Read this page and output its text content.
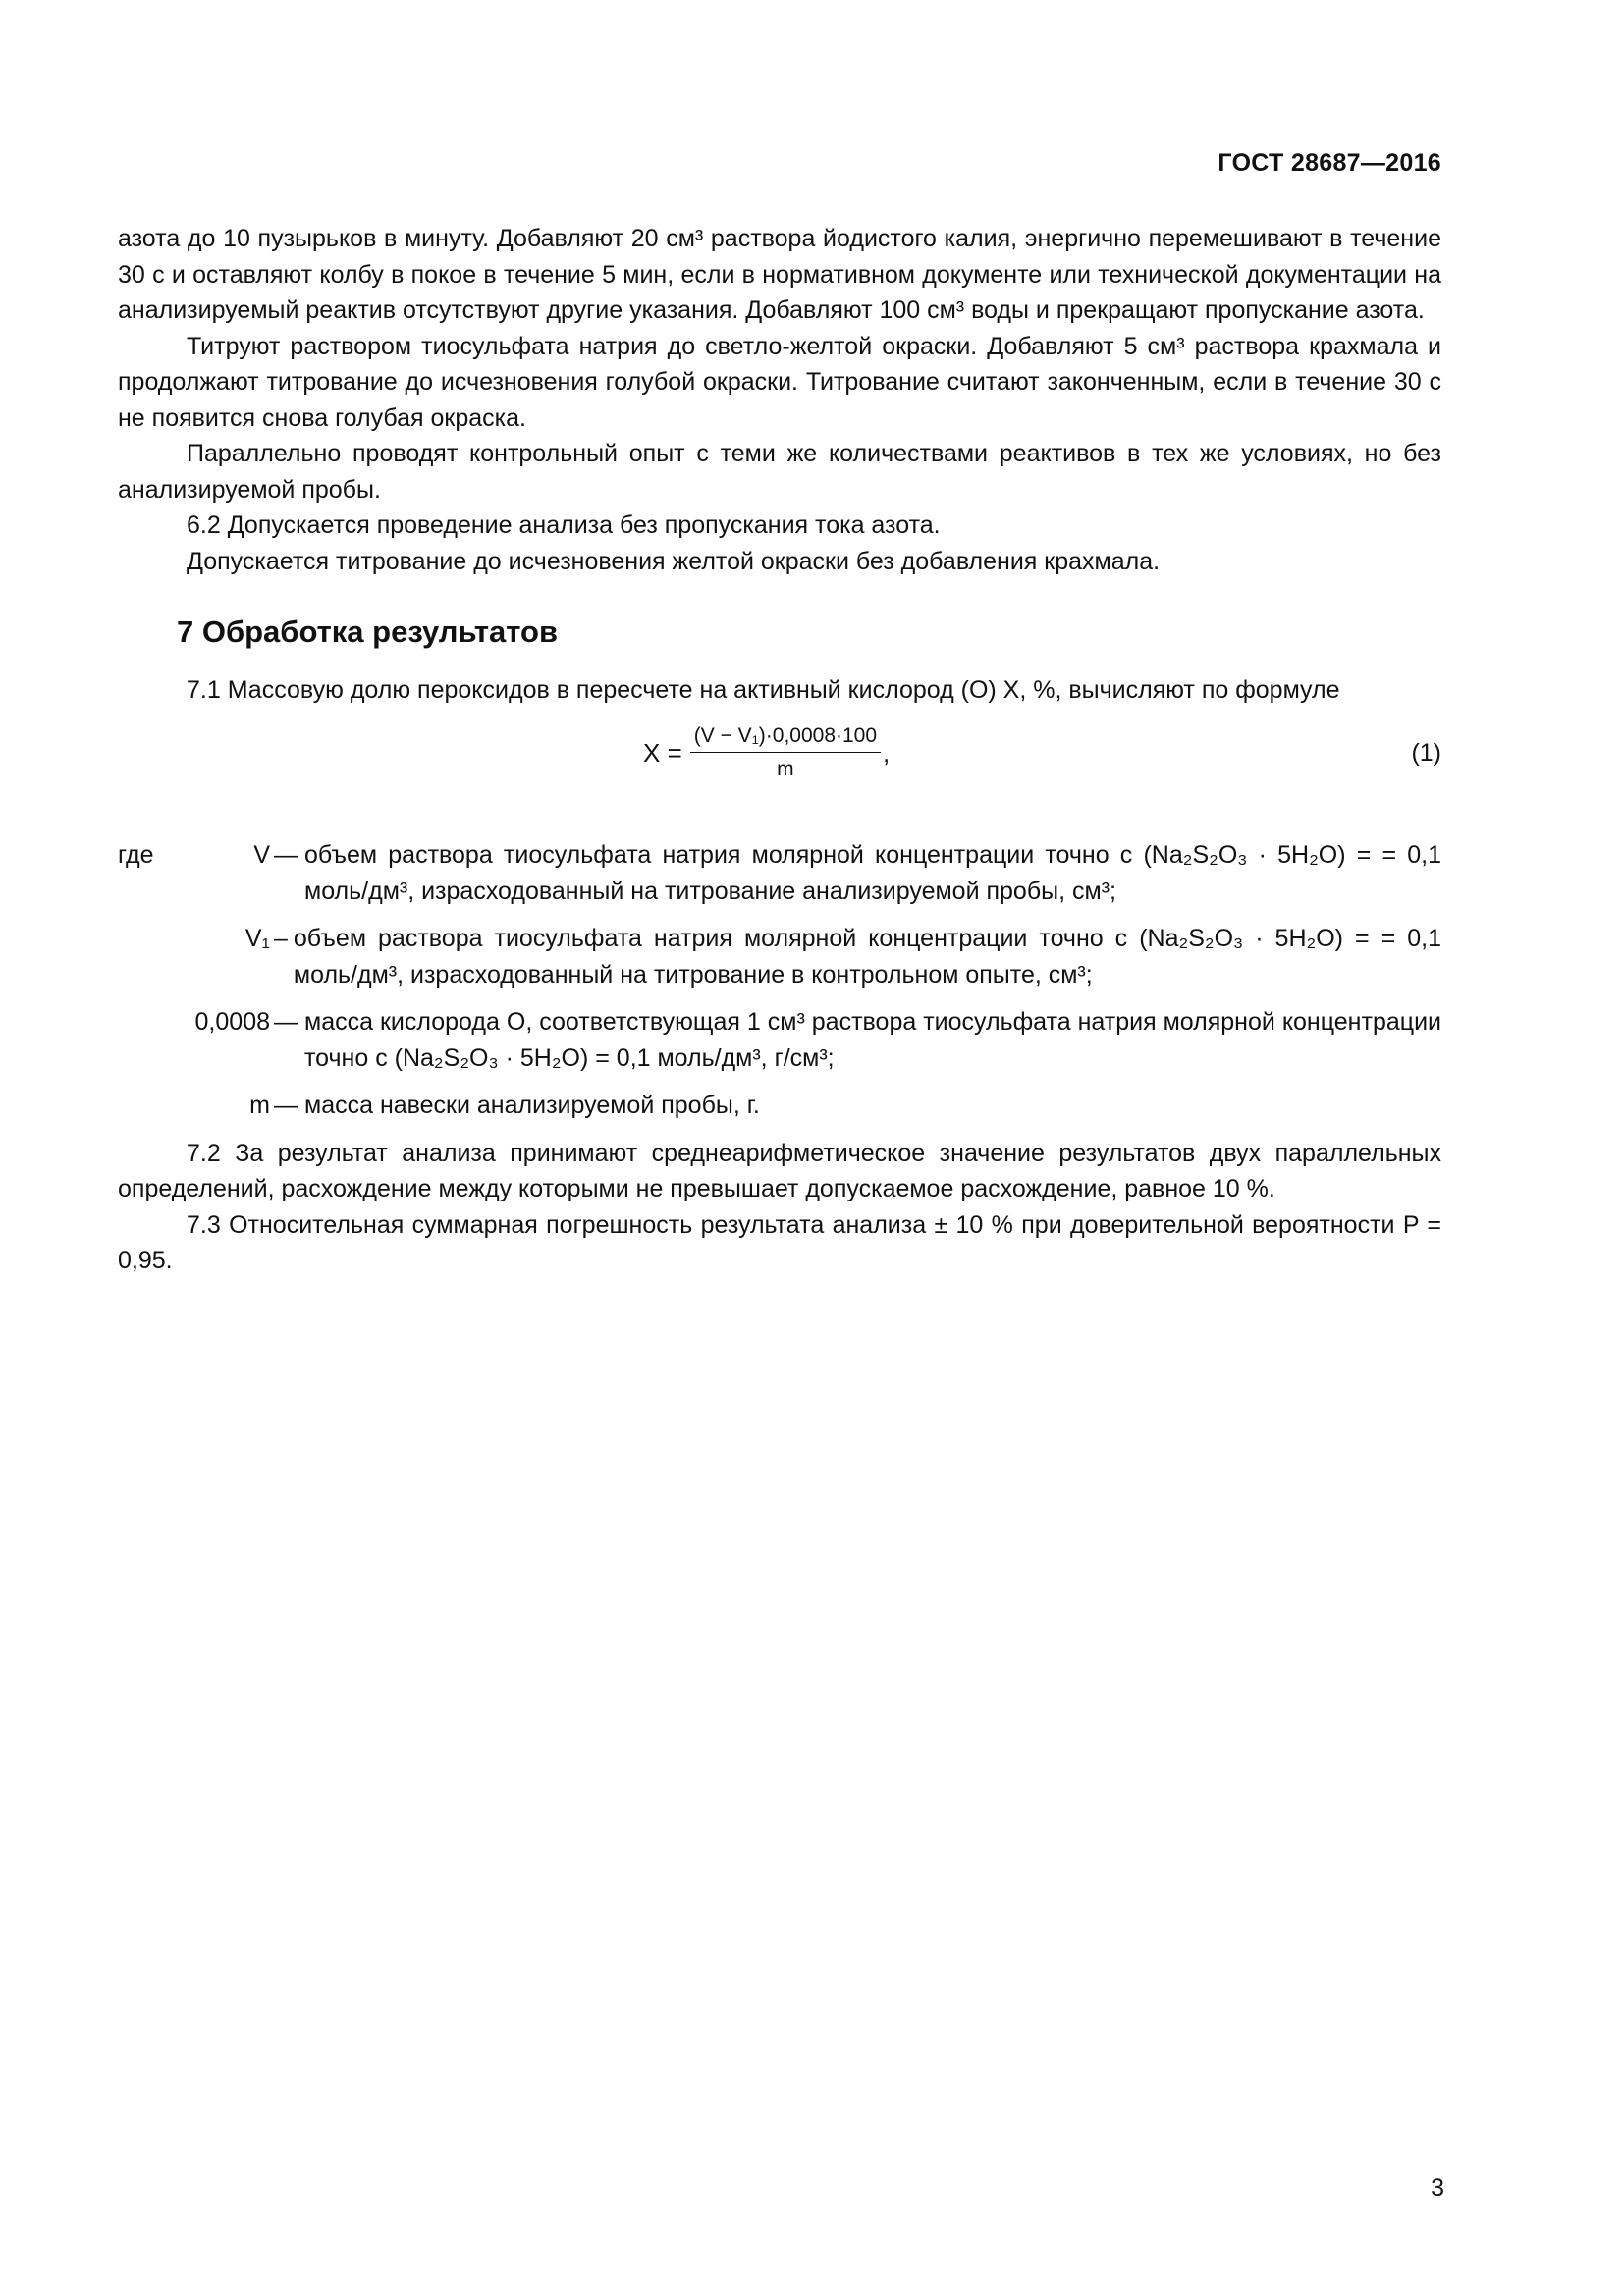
ГОСТ 28687—2016

азота до 10 пузырьков в минуту. Добавляют 20 см³ раствора йодистого калия, энергично перемешивают в течение 30 с и оставляют колбу в покое в течение 5 мин, если в нормативном документе или технической документации на анализируемый реактив отсутствуют другие указания. Добавляют 100 см³ воды и прекращают пропускание азота.

Титруют раствором тиосульфата натрия до светло-желтой окраски. Добавляют 5 см³ раствора крахмала и продолжают титрование до исчезновения голубой окраски. Титрование считают законченным, если в течение 30 с не появится снова голубая окраска.

Параллельно проводят контрольный опыт с теми же количествами реактивов в тех же условиях, но без анализируемой пробы.

6.2 Допускается проведение анализа без пропускания тока азота.

Допускается титрование до исчезновения желтой окраски без добавления крахмала.

7 Обработка результатов

7.1 Массовую долю пероксидов в пересчете на активный кислород (О) X, %, вычисляют по формуле

$X = \frac{\text{(V − V₁)·0,0008·100}}{m}$ ,	(1)
где	V — объем раствора тиосульфата натрия молярной концентрации точно c (Na₂S₂O₃ · 5H₂O) = = 0,1 моль/дм³, израсходованный на титрование анализируемой пробы, см³;
V₁ – объем раствора тиосульфата натрия молярной концентрации точно c (Na₂S₂O₃ · 5H₂O) = = 0,1 моль/дм³, израсходованный на титрование в контрольном опыте, см³;
0,0008 — масса кислорода О, соответствующая 1 см³ раствора тиосульфата натрия молярной концентрации точно c (Na₂S₂O₃ · 5H₂O) = 0,1 моль/дм³, г/см³;
m — масса навески анализируемой пробы, г.

7.2 За результат анализа принимают среднеарифметическое значение результатов двух параллельных определений, расхождение между которыми не превышает допускаемое расхождение, равное 10 %.

7.3 Относительная суммарная погрешность результата анализа ± 10 % при доверительной вероятности P = 0,95.

3
